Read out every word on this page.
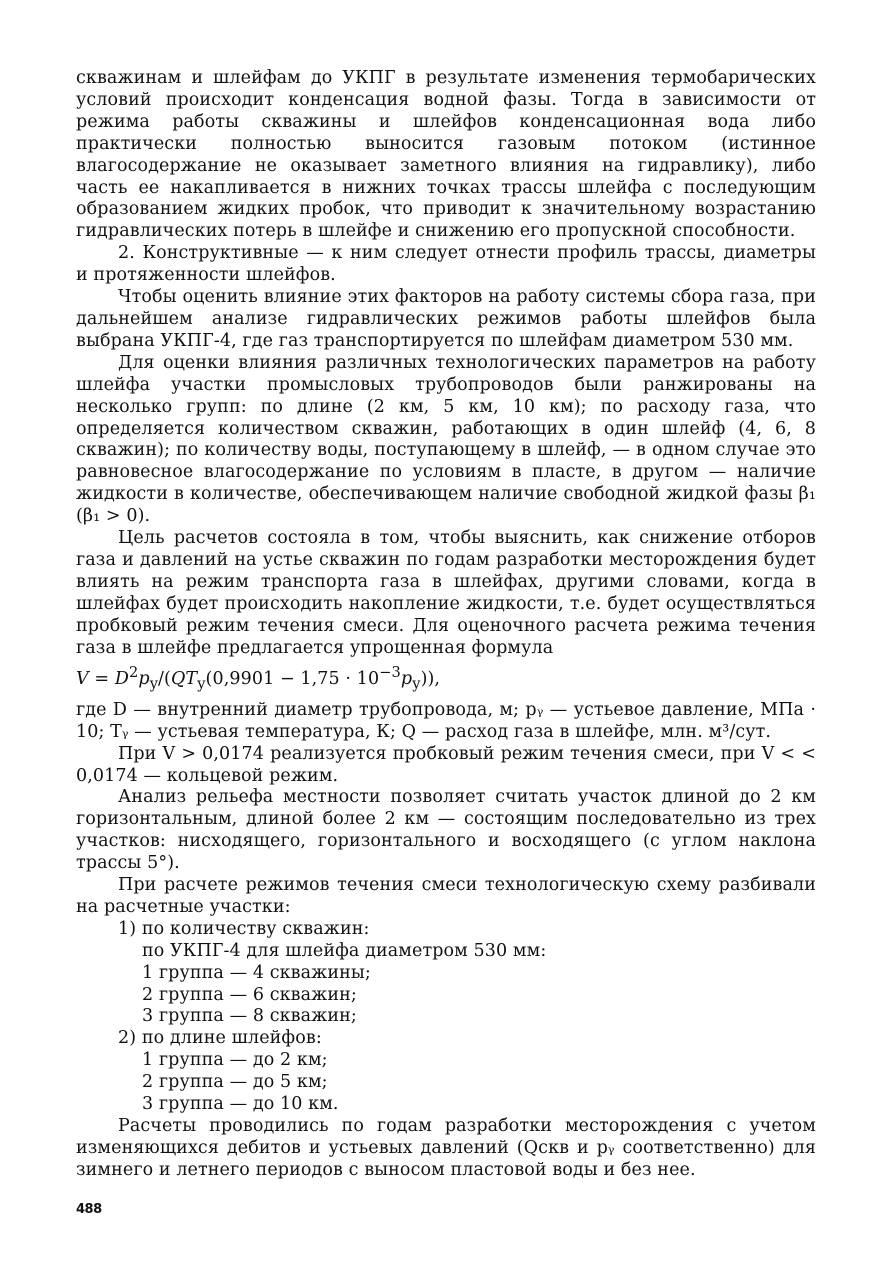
скважинам и шлейфам до УКПГ в результате изменения термобарических условий происходит конденсация водной фазы. Тогда в зависимости от режима работы скважины и шлейфов конденсационная вода либо практически полностью выносится газовым потоком (истинное влагосодержание не оказывает заметного влияния на гидравлику), либо часть ее накапливается в нижних точках трассы шлейфа с последующим образованием жидких пробок, что приводит к значительному возрастанию гидравлических потерь в шлейфе и снижению его пропускной способности.

2. Конструктивные — к ним следует отнести профиль трассы, диаметры и протяженности шлейфов.

Чтобы оценить влияние этих факторов на работу системы сбора газа, при дальнейшем анализе гидравлических режимов работы шлейфов была выбрана УКПГ-4, где газ транспортируется по шлейфам диаметром 530 мм.

Для оценки влияния различных технологических параметров на работу шлейфа участки промысловых трубопроводов были ранжированы на несколько групп: по длине (2 км, 5 км, 10 км); по расходу газа, что определяется количеством скважин, работающих в один шлейф (4, 6, 8 скважин); по количеству воды, поступающему в шлейф, — в одном случае это равновесное влагосодержание по условиям в пласте, в другом — наличие жидкости в количестве, обеспечивающем наличие свободной жидкой фазы β₁ (β₁ > 0).

Цель расчетов состояла в том, чтобы выяснить, как снижение отборов газа и давлений на устье скважин по годам разработки месторождения будет влиять на режим транспорта газа в шлейфах, другими словами, когда в шлейфах будет происходить накопление жидкости, т.е. будет осуществляться пробковый режим течения смеси. Для оценочного расчета режима течения газа в шлейфе предлагается упрощенная формула

$V = D^2p_y/(QT_y(0,9901 - 1,75 \cdot 10^{-3}p_y))$,

где D — внутренний диаметр трубопровода, м; pᵧ — устьевое давление, МПа · 10; Tᵧ — устьевая температура, К; Q — расход газа в шлейфе, млн. м³/сут.

При V > 0,0174 реализуется пробковый режим течения смеси, при V < < 0,0174 — кольцевой режим.

Анализ рельефа местности позволяет считать участок длиной до 2 км горизонтальным, длиной более 2 км — состоящим последовательно из трех участков: нисходящего, горизонтального и восходящего (с углом наклона трассы 5°).

При расчете режимов течения смеси технологическую схему разбивали на расчетные участки:

1) по количеству скважин:

по УКПГ-4 для шлейфа диаметром 530 мм:

1 группа — 4 скважины;

2 группа — 6 скважин;

3 группа — 8 скважин;

2) по длине шлейфов:

1 группа — до 2 км;

2 группа — до 5 км;

3 группа — до 10 км.

Расчеты проводились по годам разработки месторождения с учетом изменяющихся дебитов и устьевых давлений (Qскв и pᵧ соответственно) для зимнего и летнего периодов с выносом пластовой воды и без нее.

488
